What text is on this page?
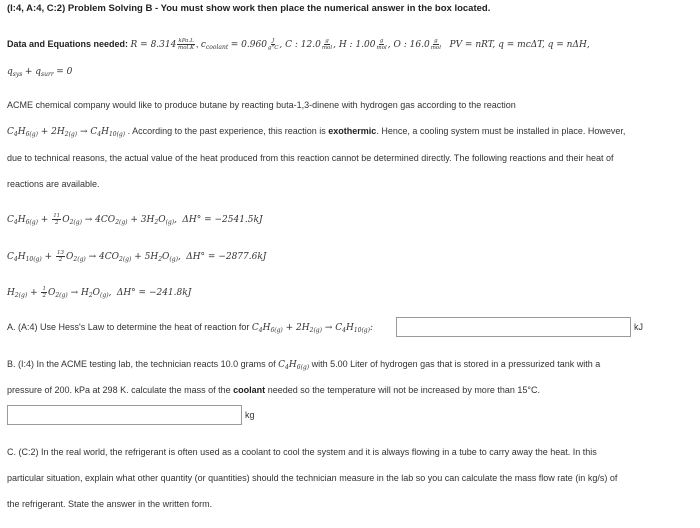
(I:4, A:4, C:2) Problem Solving B - You must show work then place the numerical answer in the box located.
Data and Equations needed: R = 8.314 kPa.L
mol.K , $c_{coolant} = 0.960 \frac{J}{g^\circ C}$ , C : 12.0 g
mol , H : 1.00 g
mol , O : 16.0 g
mol PV = nRT, q = mcΔT, q = nΔH,
$q_{sys} + q_{surr} = 0$
ACME chemical company would like to produce butane by reacting buta-1,3-dinene with hydrogen gas according to the reaction
$C_4H_{6(g)} + 2H_{2(g)} \to C_4H_{10(g)}$ . According to the past experience, this reaction is exothermic. Hence, a cooling system must be installed in place. However,
due to technical reasons, the actual value of the heat produced from this reaction cannot be determined directly. The following reactions and their heat of
reactions are available.
$C_4H_{6(g)} + \frac{11}{2} O_{2(g)} \to 4CO_{2(g)} + 3H_2O_{(g)}$,  ΔH° = −2541.5kJ
$C_4H_{10(g)} + \frac{13}{2} O_{2(g)} \to 4CO_{2(g)} + 5H_2O_{(g)}$,  ΔH° = −2877.6kJ
$H_{2(g)} + \frac{1}{2} O_{2(g)} \to H_2O_{(g)}$,  ΔH° = −241.8kJ
A. (A:4) Use Hess's Law to determine the heat of reaction for $C_4H_{6(g)} + 2H_{2(g)} \to C_4H_{10(g)}$:	kJ
B. (I:4) In the ACME testing lab, the technician reacts 10.0 grams of $C_4H_{6(g)}$ with 5.00 Liter of hydrogen gas that is stored in a pressurized tank with a
pressure of 200. kPa at 298 K. calculate the mass of the coolant needed so the temperature will not be increased by more than 15°C.
kg
C. (C:2) In the real world, the refrigerant is often used as a coolant to cool the system and it is always flowing in a tube to carry away the heat. In this
particular situation, explain what other quantity (or quantities) should the technician measure in the lab so you can calculate the mass flow rate (in kg/s) of
the refrigerant. State the answer in the written form.
